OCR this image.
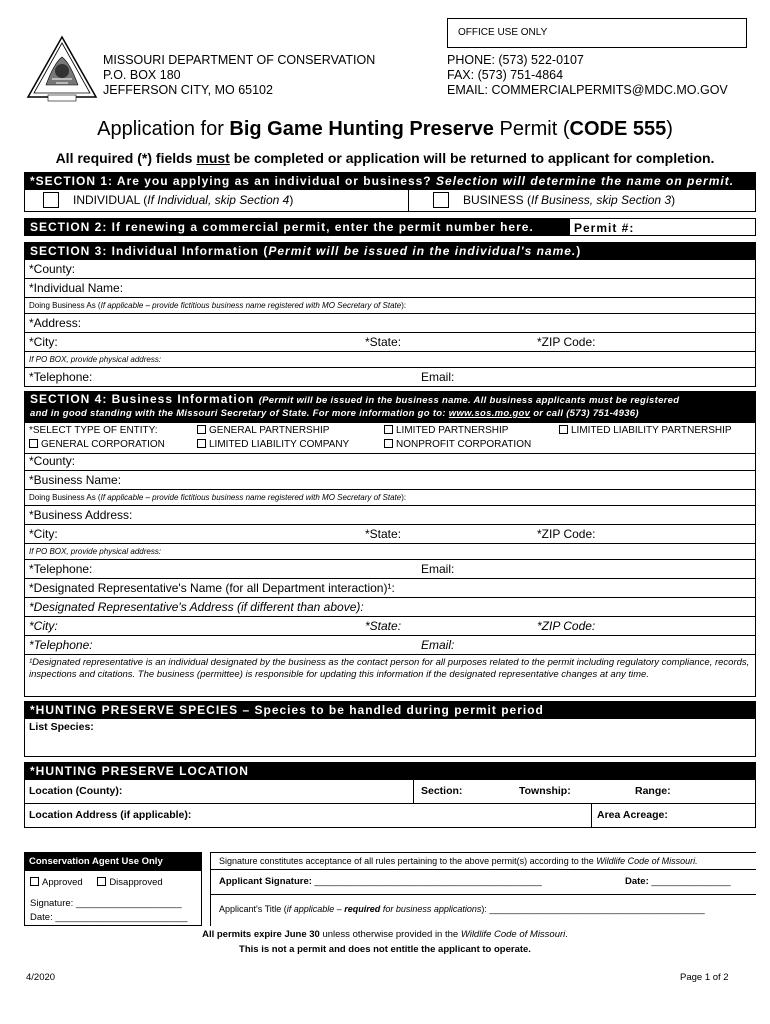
OFFICE USE ONLY
MISSOURI DEPARTMENT OF CONSERVATION
P.O. BOX 180
JEFFERSON CITY, MO 65102
PHONE: (573) 522-0107
FAX: (573) 751-4864
EMAIL: COMMERCIALPERMITS@MDC.MO.GOV
Application for Big Game Hunting Preserve Permit (CODE 555)
All required (*) fields must be completed or application will be returned to applicant for completion.
*SECTION 1: Are you applying as an individual or business? Selection will determine the name on permit.
INDIVIDUAL (If Individual, skip Section 4)	BUSINESS (If Business, skip Section 3)
SECTION 2: If renewing a commercial permit, enter the permit number here.	Permit #:
SECTION 3: Individual Information (Permit will be issued in the individual's name.)
*County:
*Individual Name:
Doing Business As (If applicable – provide fictitious business name registered with MO Secretary of State):
*Address:
*City:	*State:	*ZIP Code:
If PO BOX, provide physical address:
*Telephone:	Email:
SECTION 4: Business Information (Permit will be issued in the business name. All business applicants must be registered
and in good standing with the Missouri Secretary of State. For more information go to: www.sos.mo.gov or call (573) 751-4936)
*SELECT TYPE OF ENTITY:	GENERAL PARTNERSHIP	LIMITED PARTNERSHIP	LIMITED LIABILITY PARTNERSHIP
GENERAL CORPORATION	LIMITED LIABILITY COMPANY	NONPROFIT CORPORATION
*County:
*Business Name:
Doing Business As (If applicable – provide fictitious business name registered with MO Secretary of State):
*Business Address:
*City:	*State:	*ZIP Code:
If PO BOX, provide physical address:
*Telephone:	Email:
*Designated Representative's Name (for all Department interaction)¹:
*Designated Representative's Address (if different than above):
*City:	*State:	*ZIP Code:
*Telephone:	Email:
¹Designated representative is an individual designated by the business as the contact person for all purposes related to the permit including regulatory compliance, records, inspections and citations. The business (permittee) is responsible for updating this information if the designated representative changes at any time.
*HUNTING PRESERVE SPECIES – Species to be handled during permit period
List Species:
*HUNTING PRESERVE LOCATION
Location (County):	Section:	Township:	Range:
Location Address (if applicable):	Area Acreage:
Conservation Agent Use Only
Approved	Disapproved
Signature: ____________________
Date: _________________________
Signature constitutes acceptance of all rules pertaining to the above permit(s) according to the Wildlife Code of Missouri.
Applicant Signature: ___________________________________________	Date: _______________
Applicant's Title (if applicable – required for business applications): ___________________________________________
All permits expire June 30 unless otherwise provided in the Wildlife Code of Missouri.
This is not a permit and does not entitle the applicant to operate.
4/2020	Page 1 of 2
